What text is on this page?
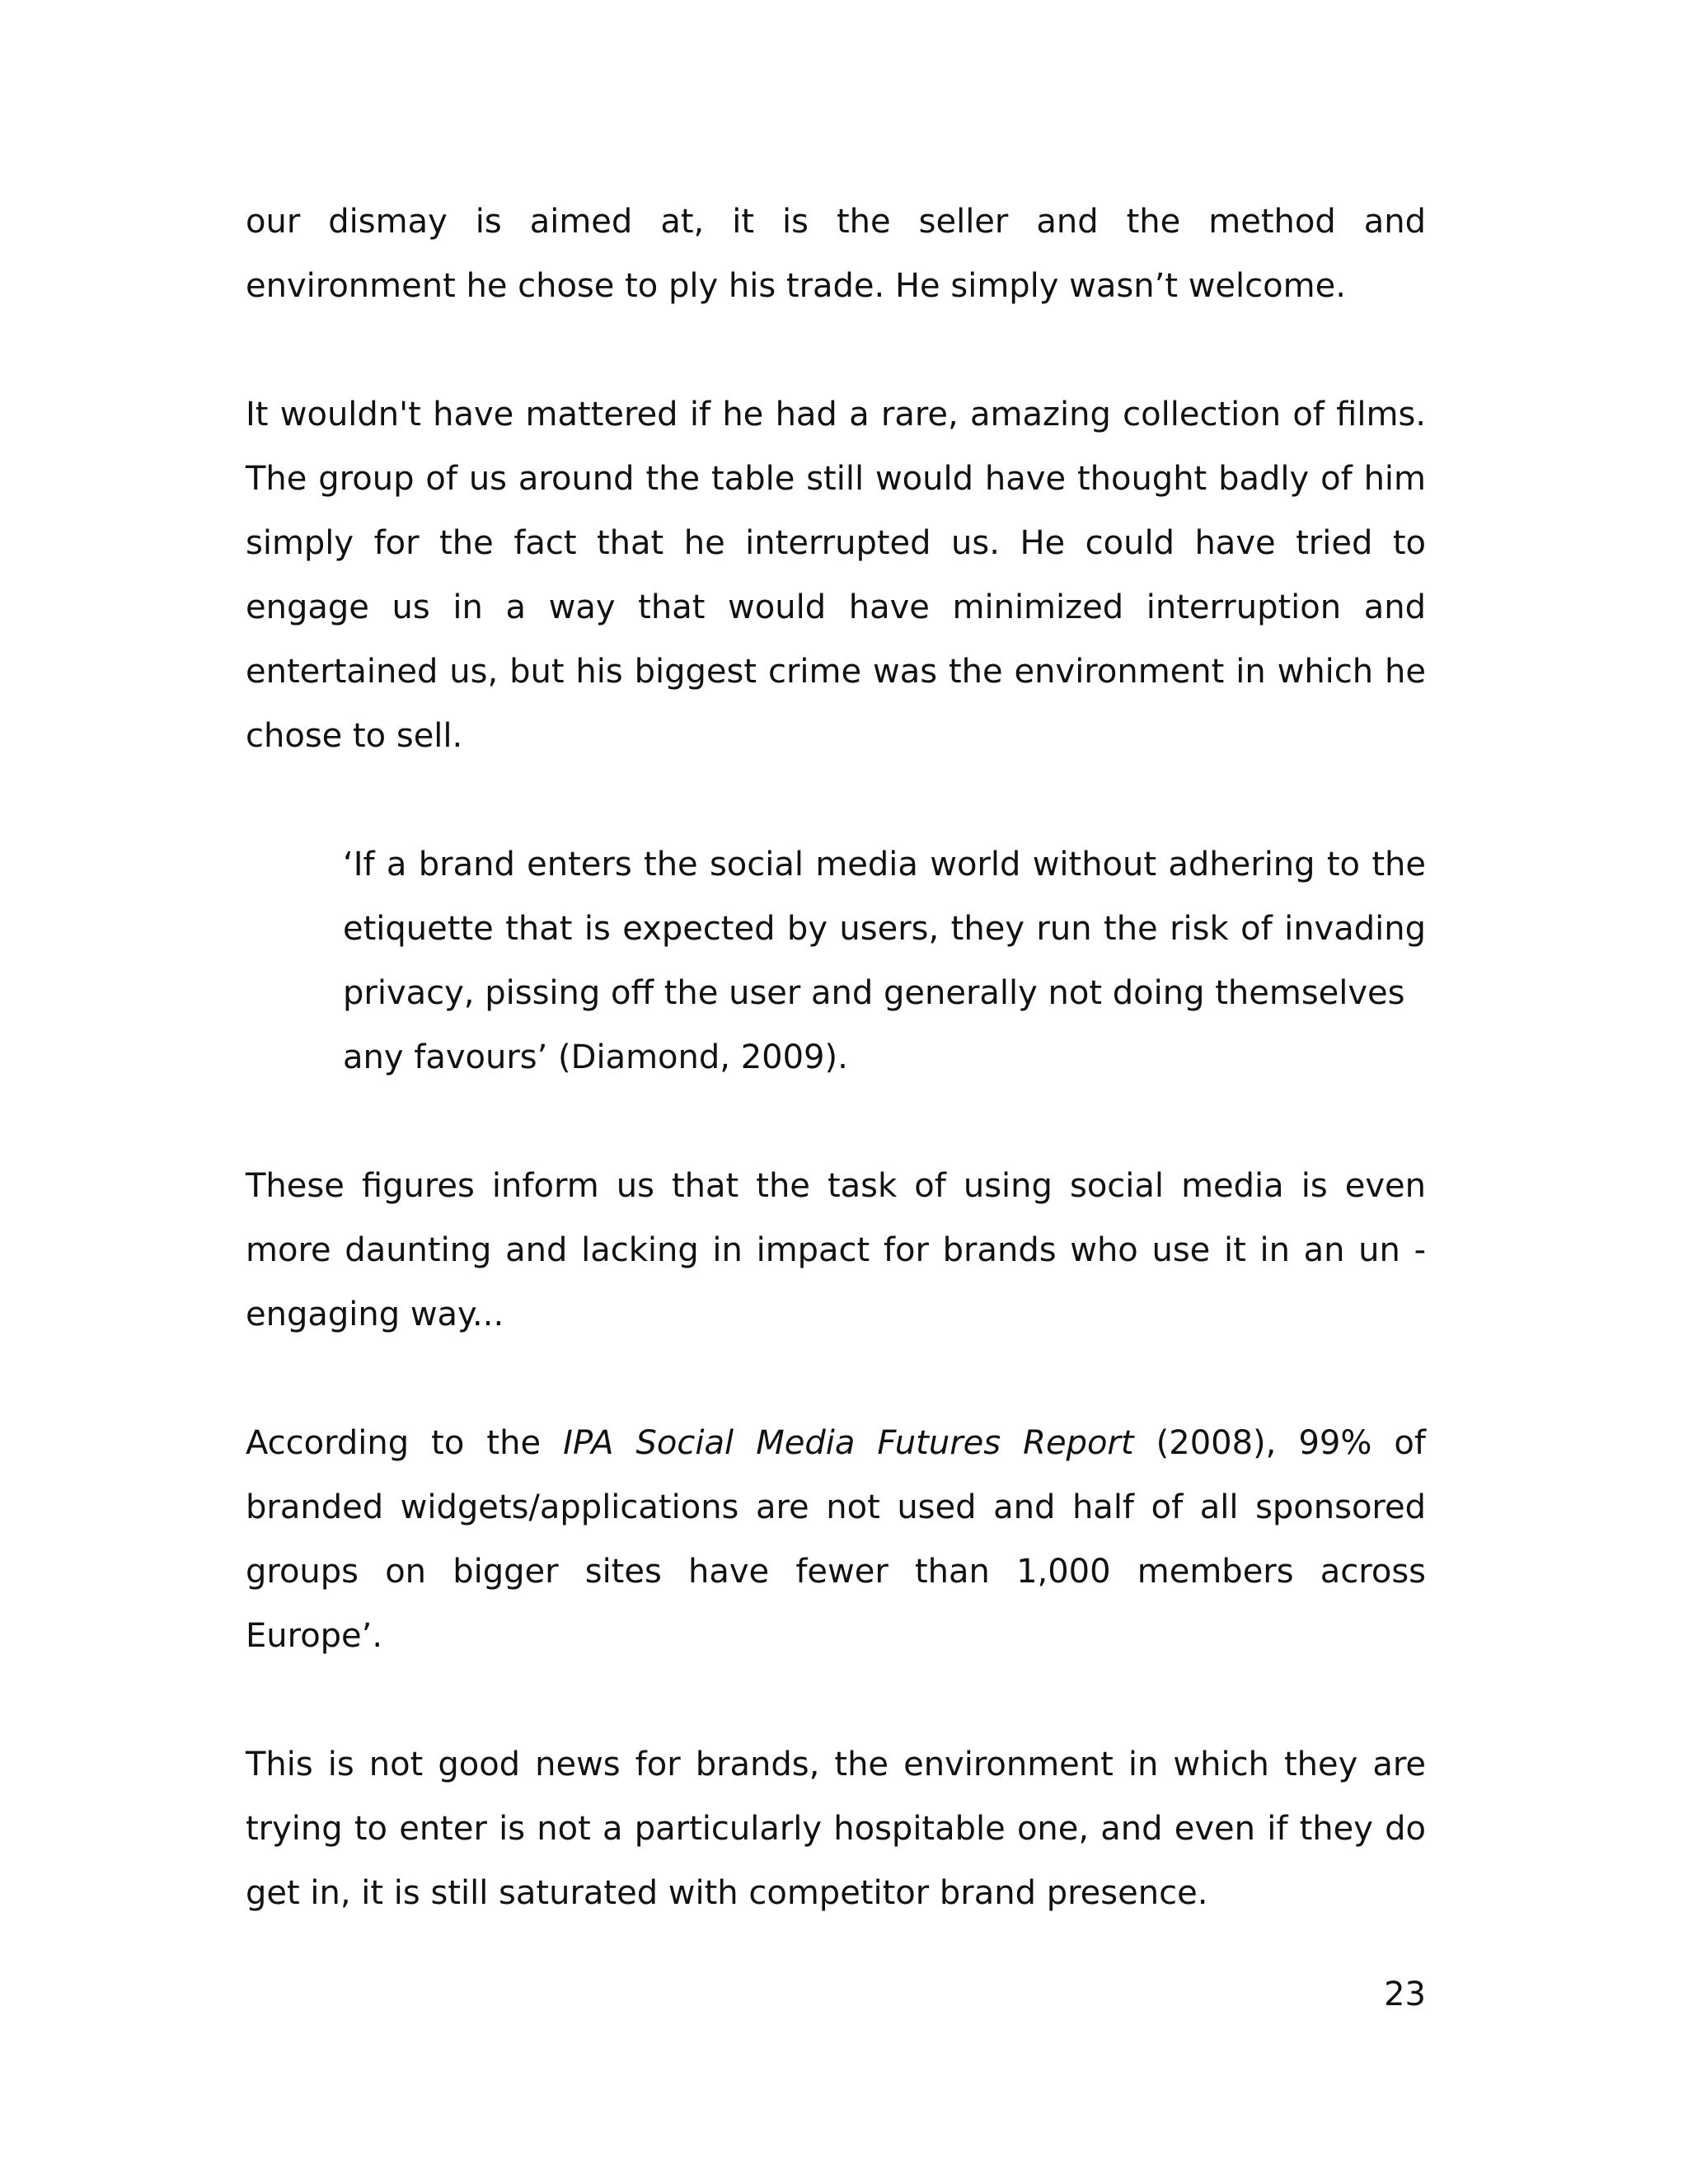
our dismay is aimed at, it is the seller and the method and environment he chose to ply his trade. He simply wasn’t welcome.

It wouldn't have mattered if he had a rare, amazing collection of films. The group of us around the table still would have thought badly of him simply for the fact that he interrupted us. He could have tried to engage us in a way that would have minimized interruption and entertained us, but his biggest crime was the environment in which he chose to sell.

‘If a brand enters the social media world without adhering to the etiquette that is expected by users, they run the risk of invading
privacy, pissing off the user and generally not doing themselves
any favours’ (Diamond, 2009).

These figures inform us that the task of using social media is even more daunting and lacking in impact for brands who use it in an un -engaging way...

According to the IPA Social Media Futures Report (2008), 99% of branded widgets/applications are not used and half of all sponsored groups on bigger sites have fewer than 1,000 members across Europe’.

This is not good news for brands, the environment in which they are trying to enter is not a particularly hospitable one, and even if they do get in, it is still saturated with competitor brand presence.

23
